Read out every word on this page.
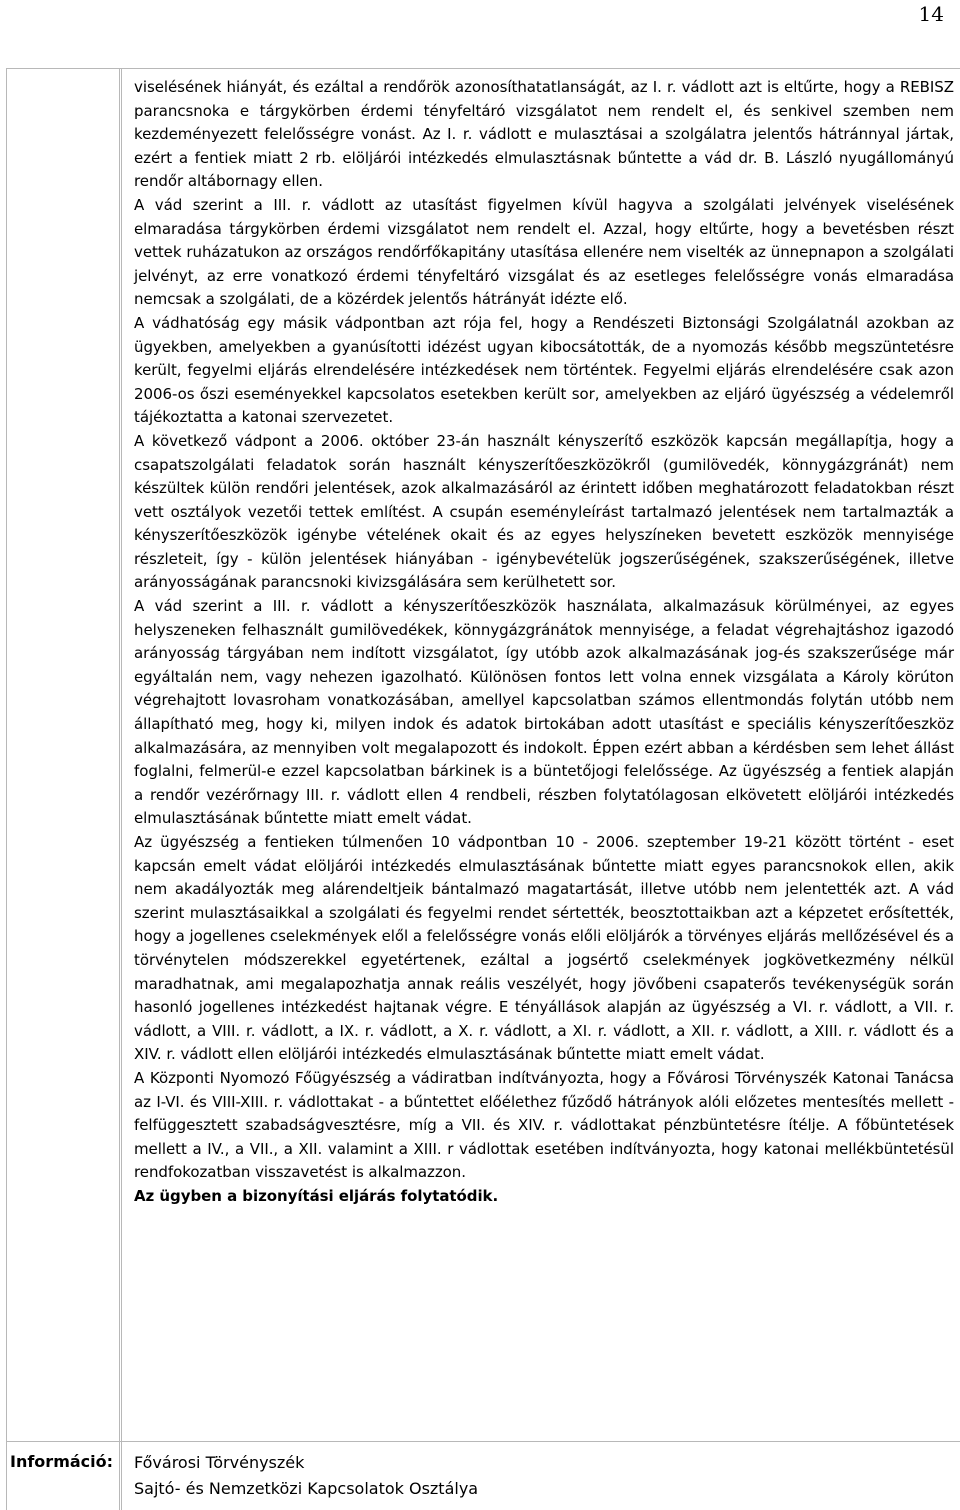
14

viselésének hiányát, és ezáltal a rendőrök azonosíthatatlanságát, az I. r. vádlott azt is eltűrte, hogy a REBISZ parancsnoka e tárgykörben érdemi tényfeltáró vizsgálatot nem rendelt el, és senkivel szemben nem kezdeményezett felelősségre vonást. Az I. r. vádlott e mulasztásai a szolgálatra jelentős hátránnyal jártak, ezért a fentiek miatt 2 rb. elöljárói intézkedés elmulasztásnak bűntette a vád dr. B. László nyugállományú rendőr altábornagy ellen.

A vád szerint a III. r. vádlott az utasítást figyelmen kívül hagyva a szolgálati jelvények viselésének elmaradása tárgykörben érdemi vizsgálatot nem rendelt el. Azzal, hogy eltűrte, hogy a bevetésben részt vettek ruházatukon az országos rendőrfőkapitány utasítása ellenére nem viselték az ünnepnapon a szolgálati jelvényt, az erre vonatkozó érdemi tényfeltáró vizsgálat és az esetleges felelősségre vonás elmaradása nemcsak a szolgálati, de a közérdek jelentős hátrányát idézte elő.

A vádhatóság egy másik vádpontban azt rója fel, hogy a Rendészeti Biztonsági Szolgálatnál azokban az ügyekben, amelyekben a gyanúsítotti idézést ugyan kibocsátották, de a nyomozás később megszüntetésre került, fegyelmi eljárás elrendelésére intézkedések nem történtek. Fegyelmi eljárás elrendelésére csak azon 2006-os őszi eseményekkel kapcsolatos esetekben került sor, amelyekben az eljáró ügyészség a védelemről tájékoztatta a katonai szervezetet.

A következő vádpont a 2006. október 23-án használt kényszerítő eszközök kapcsán megállapítja, hogy a csapatszolgálati feladatok során használt kényszerítőeszközökről (gumilövedék, könnygázgránát) nem készültek külön rendőri jelentések, azok alkalmazásáról az érintett időben meghatározott feladatokban részt vett osztályok vezetői tettek említést. A csupán eseményleírást tartalmazó jelentések nem tartalmazták a kényszerítőeszközök igénybe vételének okait és az egyes helyszíneken bevetett eszközök mennyisége részleteit, így - külön jelentések hiányában - igénybevételük jogszerűségének, szakszerűségének, illetve arányosságának parancsnoki kivizsgálására sem kerülhetett sor.

A vád szerint a III. r. vádlott a kényszerítőeszközök használata, alkalmazásuk körülményei, az egyes helyszeneken felhasznált gumilövedékek, könnygázgránátok mennyisége, a feladat végrehajtáshoz igazodó arányosság tárgyában nem indított vizsgálatot, így utóbb azok alkalmazásának jog-és szakszerűsége már egyáltalán nem, vagy nehezen igazolható. Különösen fontos lett volna ennek vizsgálata a Károly körúton végrehajtott lovasroham vonatkozásában, amellyel kapcsolatban számos ellentmondás folytán utóbb nem állapítható meg, hogy ki, milyen indok és adatok birtokában adott utasítást e speciális kényszerítőeszköz alkalmazására, az mennyiben volt megalapozott és indokolt. Éppen ezért abban a kérdésben sem lehet állást foglalni, felmerül-e ezzel kapcsolatban bárkinek is a büntetőjogi felelőssége. Az ügyészség a fentiek alapján a rendőr vezérőrnagy III. r. vádlott ellen 4 rendbeli, részben folytatólagosan elkövetett elöljárói intézkedés elmulasztásának bűntette miatt emelt vádat.

Az ügyészség a fentieken túlmenően 10 vádpontban 10 - 2006. szeptember 19-21 között történt - eset kapcsán emelt vádat elöljárói intézkedés elmulasztásának bűntette miatt egyes parancsnokok ellen, akik nem akadályozták meg alárendeltjeik bántalmazó magatartását, illetve utóbb nem jelentették azt. A vád szerint mulasztásaikkal a szolgálati és fegyelmi rendet sértették, beosztottaikban azt a képzetet erősítették, hogy a jogellenes cselekmények elől a felelősségre vonás előli elöljárók a törvényes eljárás mellőzésével és a törvénytelen módszerekkel egyetértenek, ezáltal a jogsértő cselekmények jogkövetkezmény nélkül maradhatnak, ami megalapozhatja annak reális veszélyét, hogy jövőbeni csapaterős tevékenységük során hasonló jogellenes intézkedést hajtanak végre. E tényállások alapján az ügyészség a VI. r. vádlott, a VII. r. vádlott, a VIII. r. vádlott, a IX. r. vádlott, a X. r. vádlott, a XI. r. vádlott, a XII. r. vádlott, a XIII. r. vádlott és a XIV. r. vádlott ellen elöljárói intézkedés elmulasztásának bűntette miatt emelt vádat.

A Központi Nyomozó Főügyészség a vádiratban indítványozta, hogy a Fővárosi Törvényszék Katonai Tanácsa az I-VI. és VIII-XIII. r. vádlottakat - a bűntettet előélethez fűződő hátrányok alóli előzetes mentesítés mellett - felfüggesztett szabadságvesztésre, míg a VII. és XIV. r. vádlottakat pénzbüntetésre ítélje. A főbüntetések mellett a IV., a VII., a XII. valamint a XIII. r vádlottak esetében indítványozta, hogy katonai mellékbüntetésül rendfokozatban visszavetést is alkalmazzon.

Az ügyben a bizonyítási eljárás folytatódik.

Információ: Fővárosi Törvényszék
Sajtó- és Nemzetközi Kapcsolatok Osztálya
